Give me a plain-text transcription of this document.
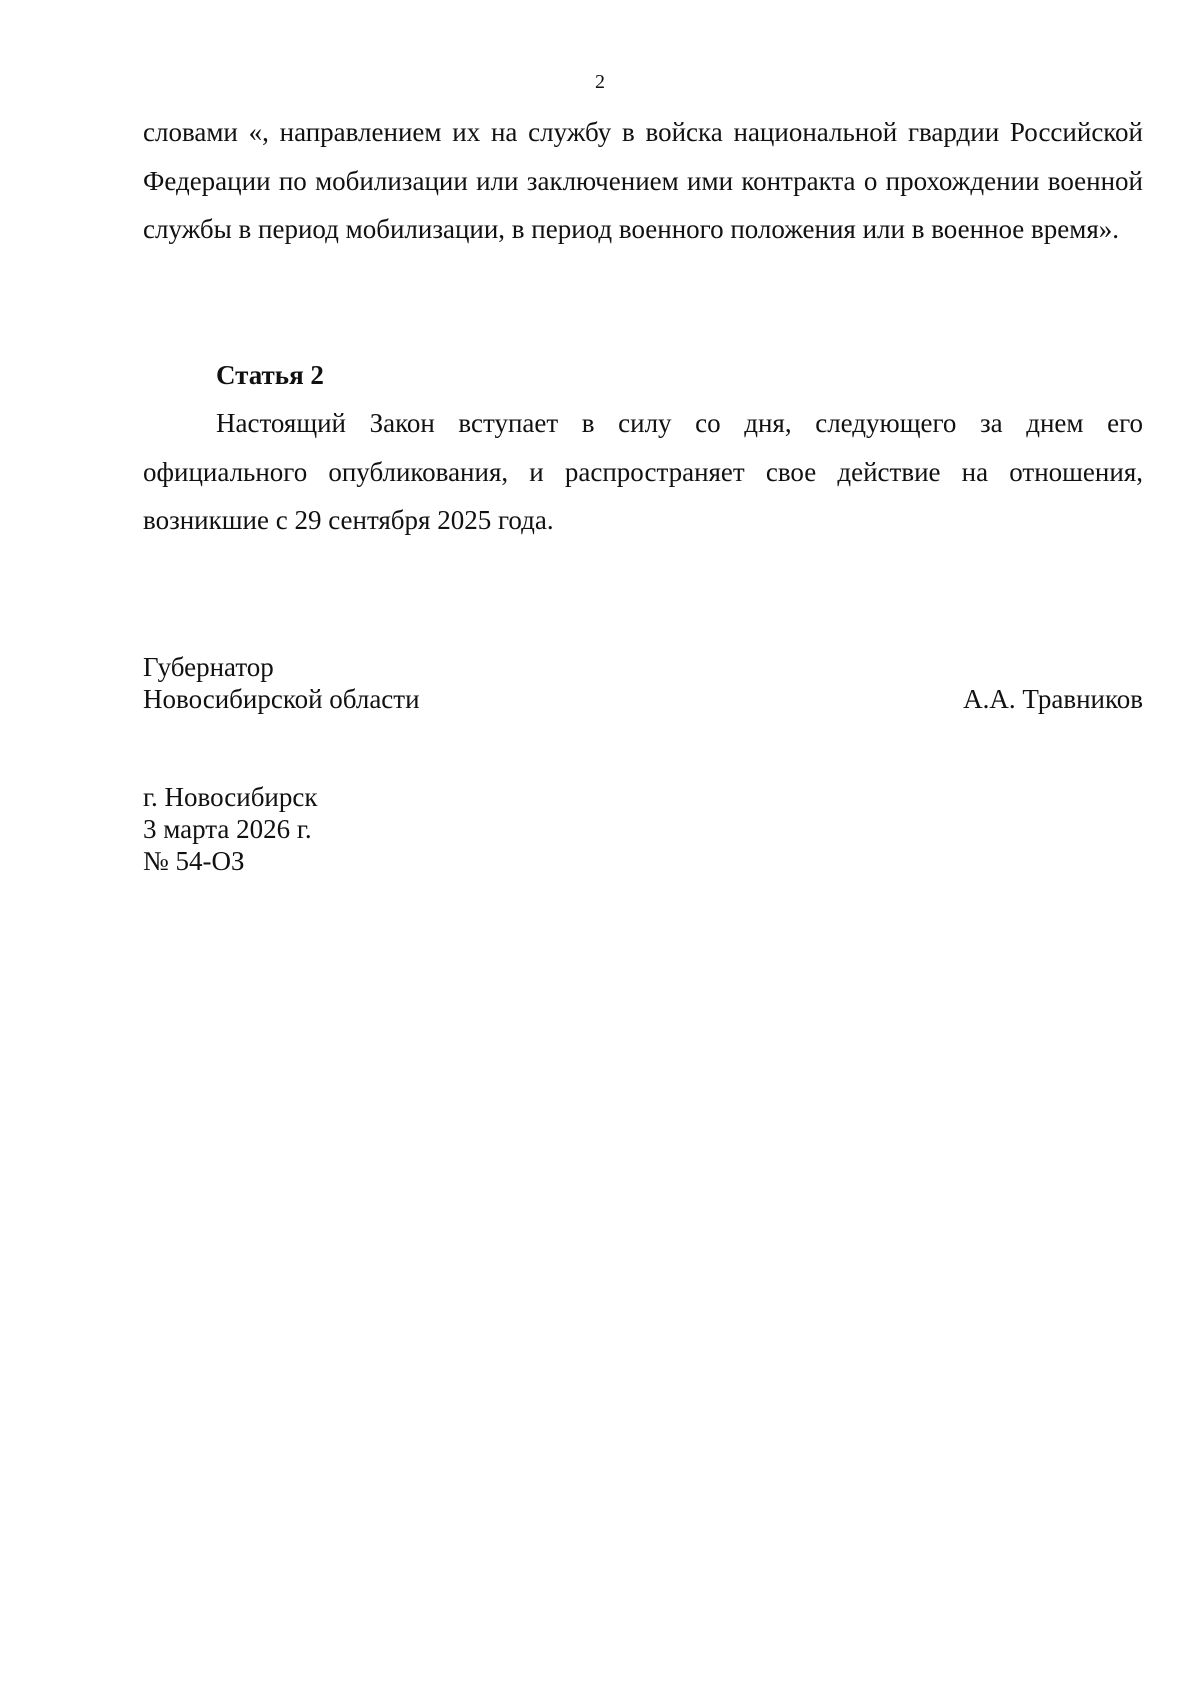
2
словами «, направлением их на службу в войска национальной гвардии Российской Федерации по мобилизации или заключением ими контракта о прохождении военной службы в период мобилизации, в период военного положения или в военное время».
Статья 2
Настоящий Закон вступает в силу со дня, следующего за днем его официального опубликования, и распространяет свое действие на отношения, возникшие с 29 сентября 2025 года.
Губернатор
Новосибирской области	А.А. Травников
г. Новосибирск
3 марта 2026 г.
№ 54-ОЗ
